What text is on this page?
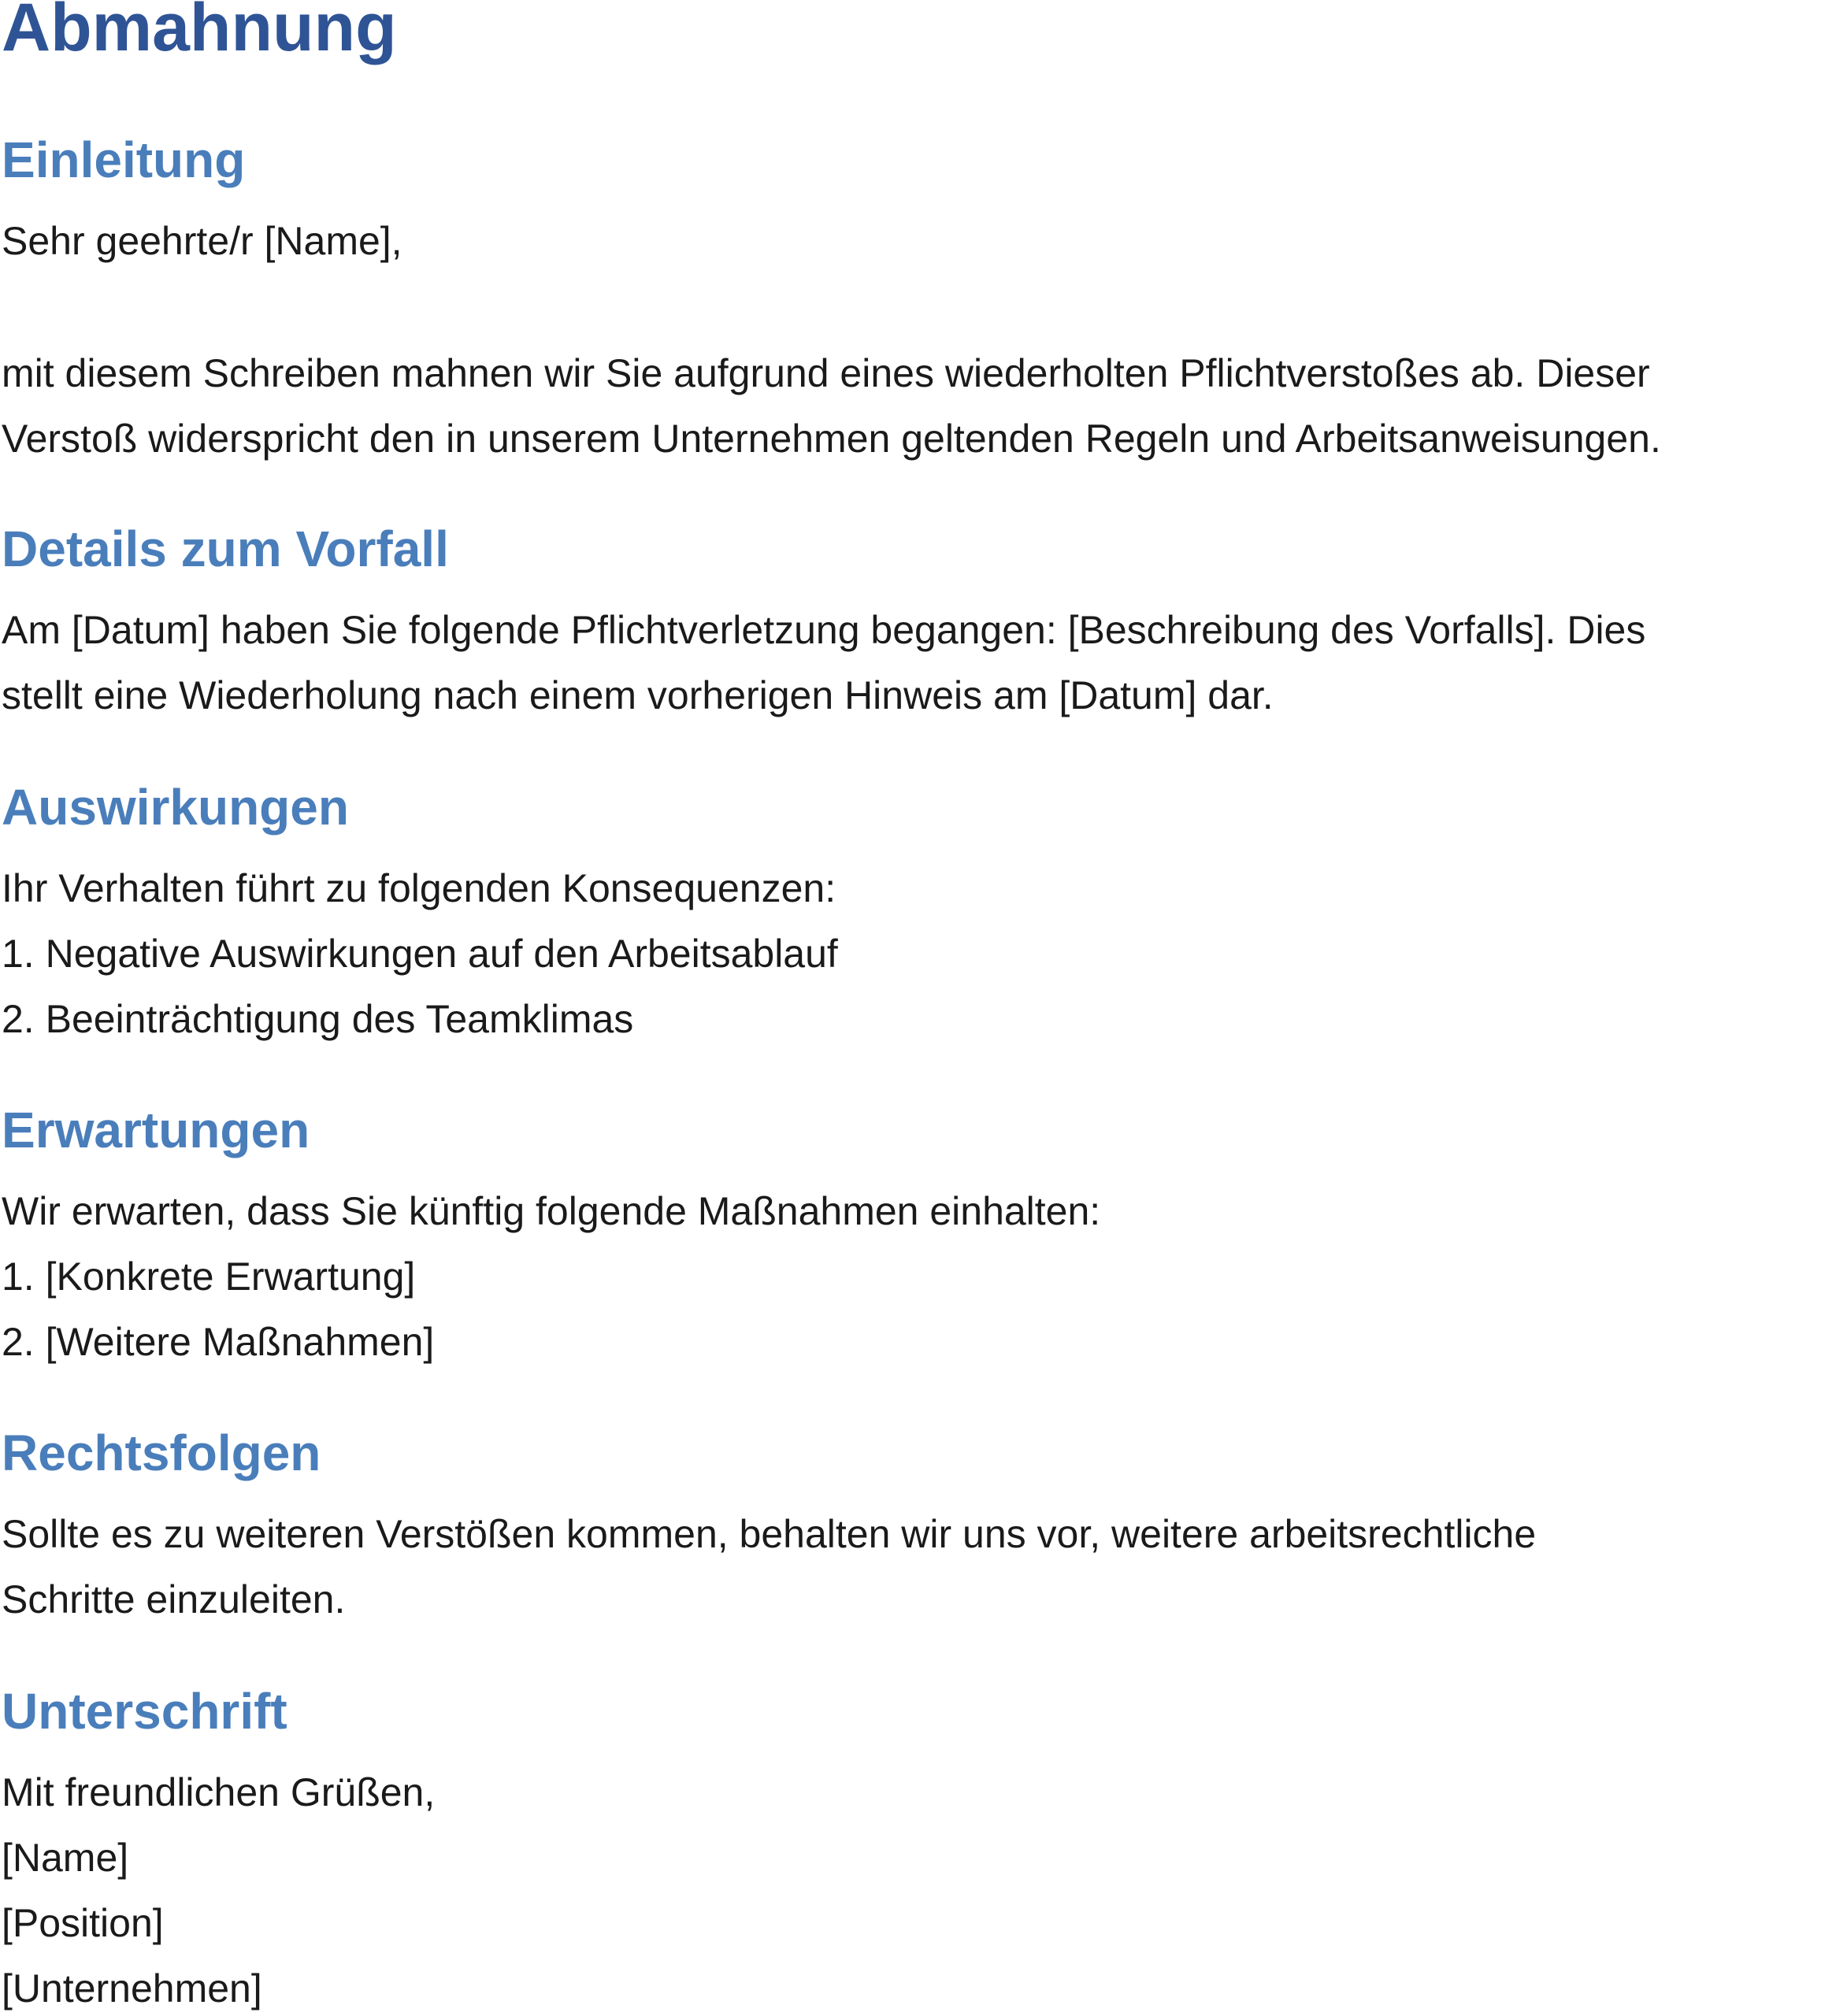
Abmahnung
Einleitung

Sehr geehrte/r [Name],

mit diesem Schreiben mahnen wir Sie aufgrund eines wiederholten Pflichtverstoßes ab. Dieser

Verstoß widerspricht den in unserem Unternehmen geltenden Regeln und Arbeitsanweisungen.

Details zum Vorfall

Am [Datum] haben Sie folgende Pflichtverletzung begangen: [Beschreibung des Vorfalls]. Dies

stellt eine Wiederholung nach einem vorherigen Hinweis am [Datum] dar.

Auswirkungen

Ihr Verhalten führt zu folgenden Konsequenzen:

1. Negative Auswirkungen auf den Arbeitsablauf

2. Beeinträchtigung des Teamklimas

Erwartungen

Wir erwarten, dass Sie künftig folgende Maßnahmen einhalten:

1. [Konkrete Erwartung]

2. [Weitere Maßnahmen]

Rechtsfolgen

Sollte es zu weiteren Verstößen kommen, behalten wir uns vor, weitere arbeitsrechtliche

Schritte einzuleiten.

Unterschrift

Mit freundlichen Grüßen,

[Name]

[Position]

[Unternehmen]
